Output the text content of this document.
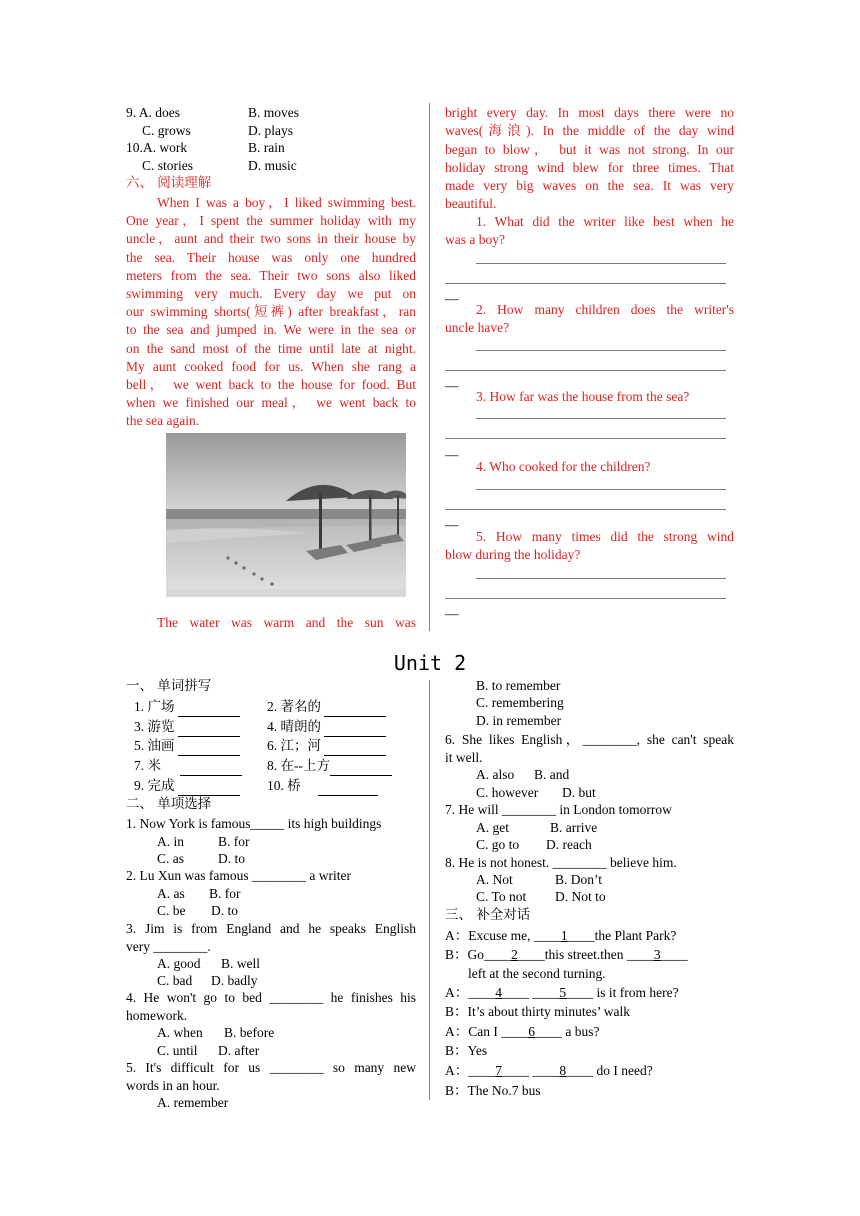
9. A. does	B. moves
C. grows	D. plays
10.A. work	B. rain
C. stories	D. music
六、 阅读理解
When I was a boy，I liked swimming best.
One year，I spent the summer holiday with my
uncle，aunt and their two sons in their house by
the sea. Their house was only one hundred
meters from the sea. Their two sons also liked
swimming very much. Every day we put on
our swimming shorts(短裤) after breakfast，ran
to the sea and jumped in. We were in the sea or
on the sand most of the time until late at night.
My aunt cooked food for us. When she rang a
bell， we went back to the house for food. But
when we finished our meal， we went back to
the sea again.
The water was warm and the sun was
bright every day. In most days there were no
waves(海浪). In the middle of the day wind
began to blow， but it was not strong. In our
holiday strong wind blew for three times. That
made very big waves on the sea. It was very
beautiful.
1. What did the writer like best when he
was a boy?
—
2. How many children does the writer's
uncle have?
—
3. How far was the house from the sea?
—
4. Who cooked for the children?
—
5. How many times did the strong wind
blow during the holiday?
—
Unit 2
一、 单词拼写
1. 广场	2. 著名的
3. 游览	4. 晴朗的
5. 油画	6. 江；河
7. 米	8. 在--上方
9. 完成	10. 桥
二、 单项选择
1. Now York is famous_____ its high buildings
A. in	B. for
C. as	D. to
2. Lu Xun was famous ________ a writer
A. as B. for
C. be D. to
3. Jim is from England and he speaks English
very ________.
A. good B. well
C. bad D. badly
4. He won't go to bed ________ he finishes his
homework.
A. when B. before
C. until D. after
5. It's difficult for us ________ so many new
words in an hour.
A. remember
B. to remember
C. remembering
D. in remember
6. She likes English，________, she can't speak
it well.
A. also B. and
C. however D. but
7. He will ________ in London tomorrow
A. get	B. arrive
C. go to D. reach
8. He is not honest. ________ believe him.
A. Not	B. Don’t
C. To not D. Not to
三、 补全对话
A：Excuse me, ____1____the Plant Park?
B：Go____2____this street.then ____3____
left at the second turning.
A：____4____ ____5____ is it from here?
B：It’s about thirty minutes’ walk
A：Can I ____6____ a bus?
B：Yes
A：____7____ ____8____ do I need?
B：The No.7 bus
